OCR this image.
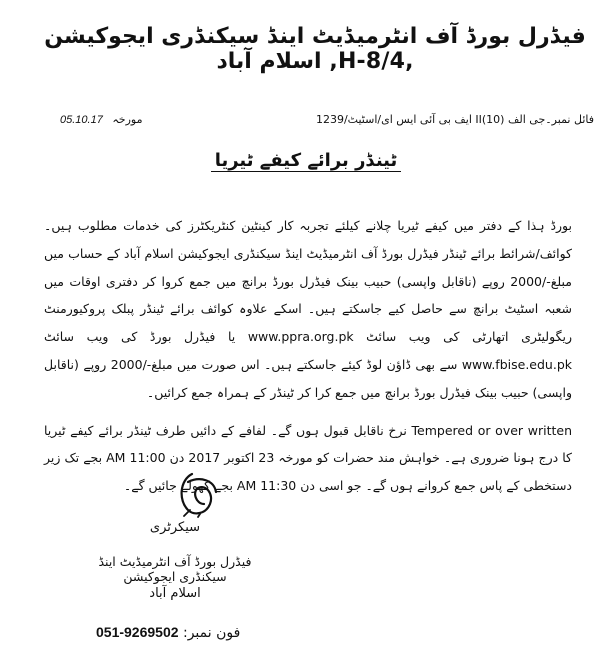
فیڈرل بورڈ آف انٹرمیڈیٹ اینڈ سیکنڈری ایجوکیشن ,H-8/4, اسلام آباد
فائل نمبر۔جی الف II(10) ایف بی آئی ایس ای/اسٹیٹ/1239
مورخہ 05.10.17
ٹینڈر برائے کیفے ٹیریا

بورڈ ہذا کے دفتر میں کیفے ٹیریا چلانے کیلئے تجربہ کار کینٹین کنٹریکٹرز کی خدمات مطلوب ہیں۔ کوائف/شرائط برائے ٹینڈر فیڈرل بورڈ آف انٹرمیڈیٹ اینڈ سیکنڈری ایجوکیشن اسلام آباد کے حساب میں مبلغ-/2000 روپے (ناقابل واپسی) حبیب بینک فیڈرل بورڈ برانچ میں جمع کروا کر دفتری اوقات میں شعبہ اسٹیٹ برانچ سے حاصل کیے جاسکتے ہیں۔ اسکے علاوہ کوائف برائے ٹینڈر پبلک پروکیورمنٹ ریگولیٹری اتھارٹی کی ویب سائٹ www.ppra.org.pk یا فیڈرل بورڈ کی ویب سائٹ www.fbise.edu.pk سے بھی ڈاؤن لوڈ کیئے جاسکتے ہیں۔ اس صورت میں مبلغ-/2000 روپے (ناقابل واپسی) حبیب بینک فیڈرل بورڈ برانچ میں جمع کرا کر ٹینڈر کے ہمراہ جمع کرائیں۔

Tempered or over written نرخ ناقابل قبول ہوں گے۔ لفافے کے دائیں طرف ٹینڈر برائے کیفے ٹیریا کا درج ہونا ضروری ہے۔ خواہش مند حضرات کو مورخہ 23 اکتوبر 2017 دن 11:00 AM بجے تک زیر دستخطی کے پاس جمع کروانے ہوں گے۔ جو اسی دن 11:30 AM بجے کھولے جائیں گے۔

سیکرٹری
فیڈرل بورڈ آف انٹرمیڈیٹ اینڈ سیکنڈری ایجوکیشن
اسلام آباد
فون نمبر: 051-9269502
